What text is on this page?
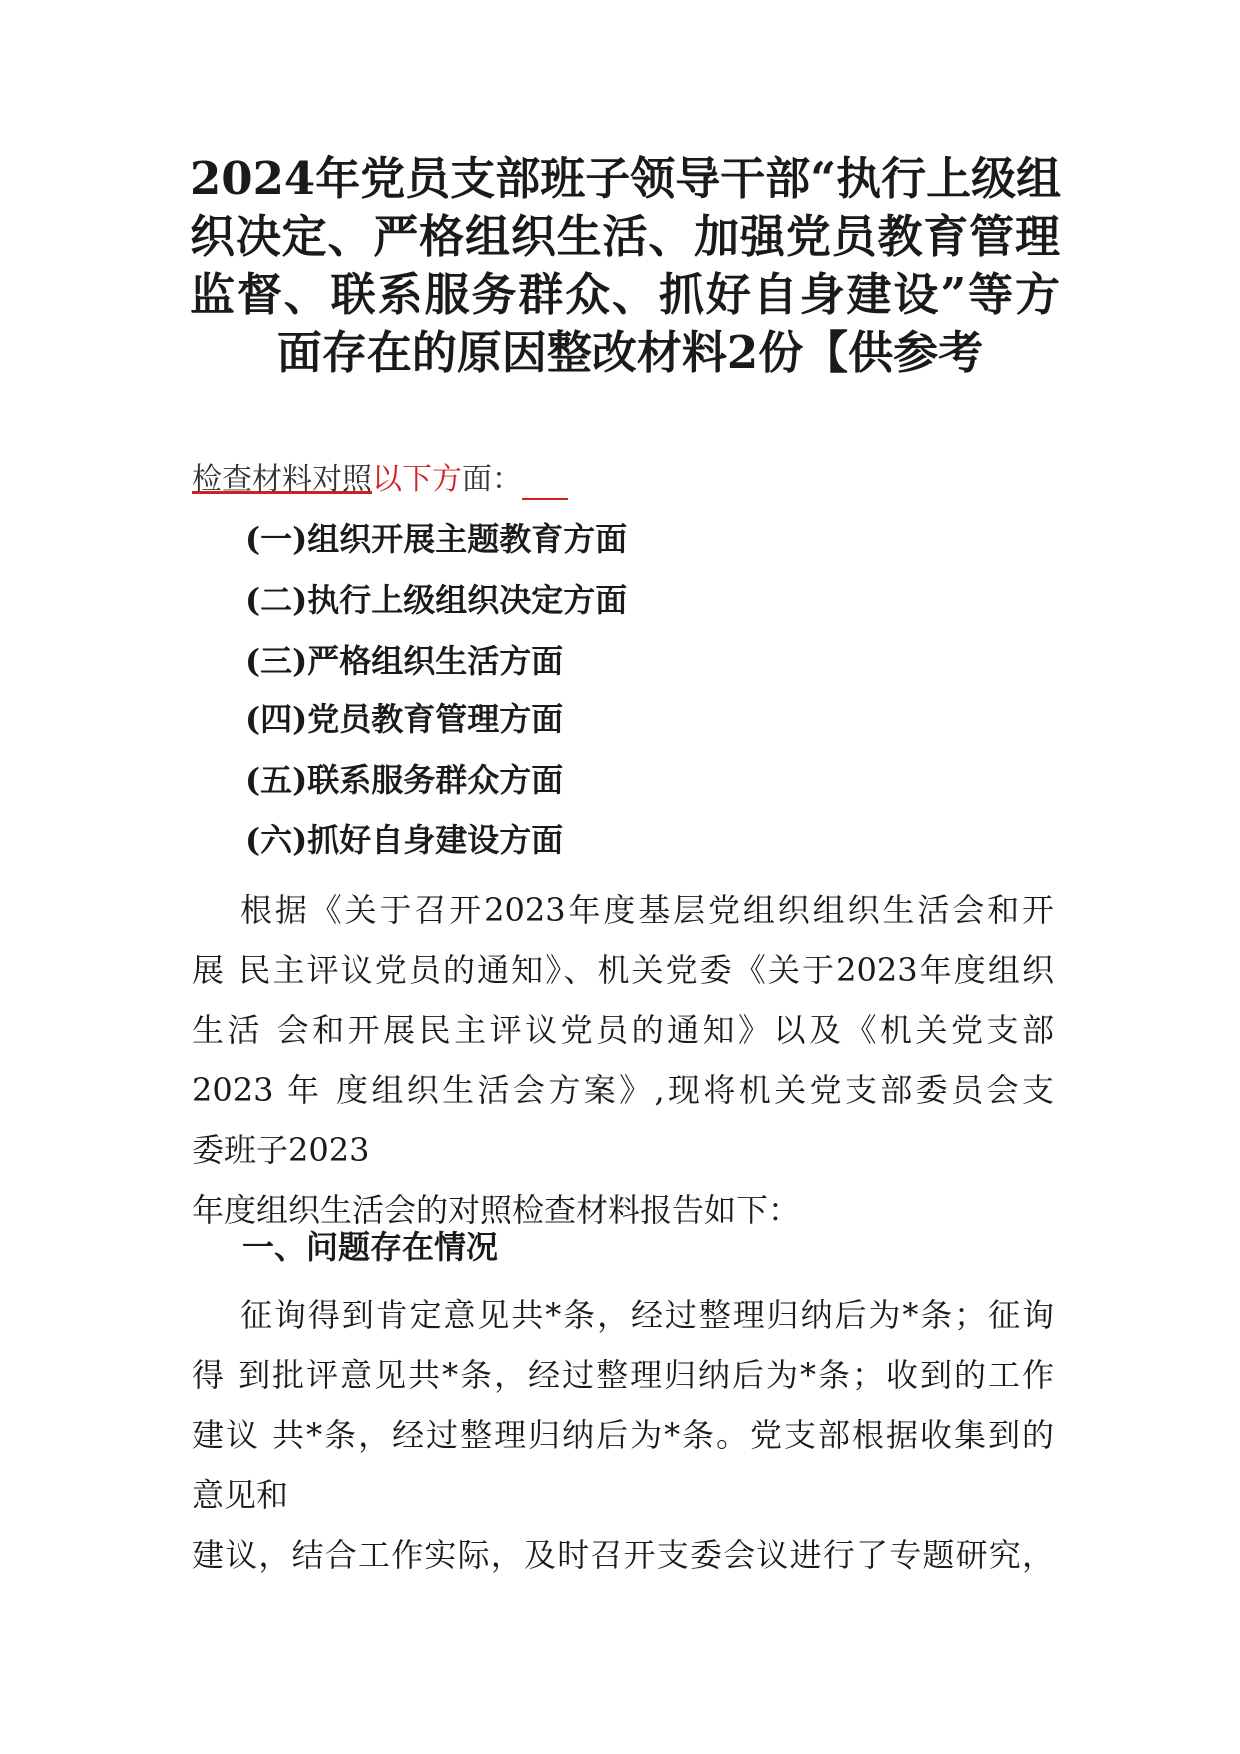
2024年党员支部班子领导干部“执行上级组
织决定、严格组织生活、加强党员教育管理
监督、联系服务群众、抓好自身建设”等方
面存在的原因整改材料2份【供参考
检查材料对照以下方面：
(一)组织开展主题教育方面
(二)执行上级组织决定方面
(三)严格组织生活方面
(四)党员教育管理方面
(五)联系服务群众方面
(六)抓好自身建设方面
根据《关于召开2023年度基层党组织组织生活会和开
展 民主评议党员的通知》、机关党委《关于2023年度组织
生活 会和开展民主评议党员的通知》以及《机关党支部
2023 年 度组织生活会方案》,现将机关党支部委员会支
委班子2023
年度组织生活会的对照检查材料报告如下：
一、问题存在情况
征询得到肯定意见共*条，经过整理归纳后为*条；征询
得 到批评意见共*条，经过整理归纳后为*条；收到的工作
建议 共*条，经过整理归纳后为*条。党支部根据收集到的
意见和
建议，结合工作实际，及时召开支委会议进行了专题研究，
